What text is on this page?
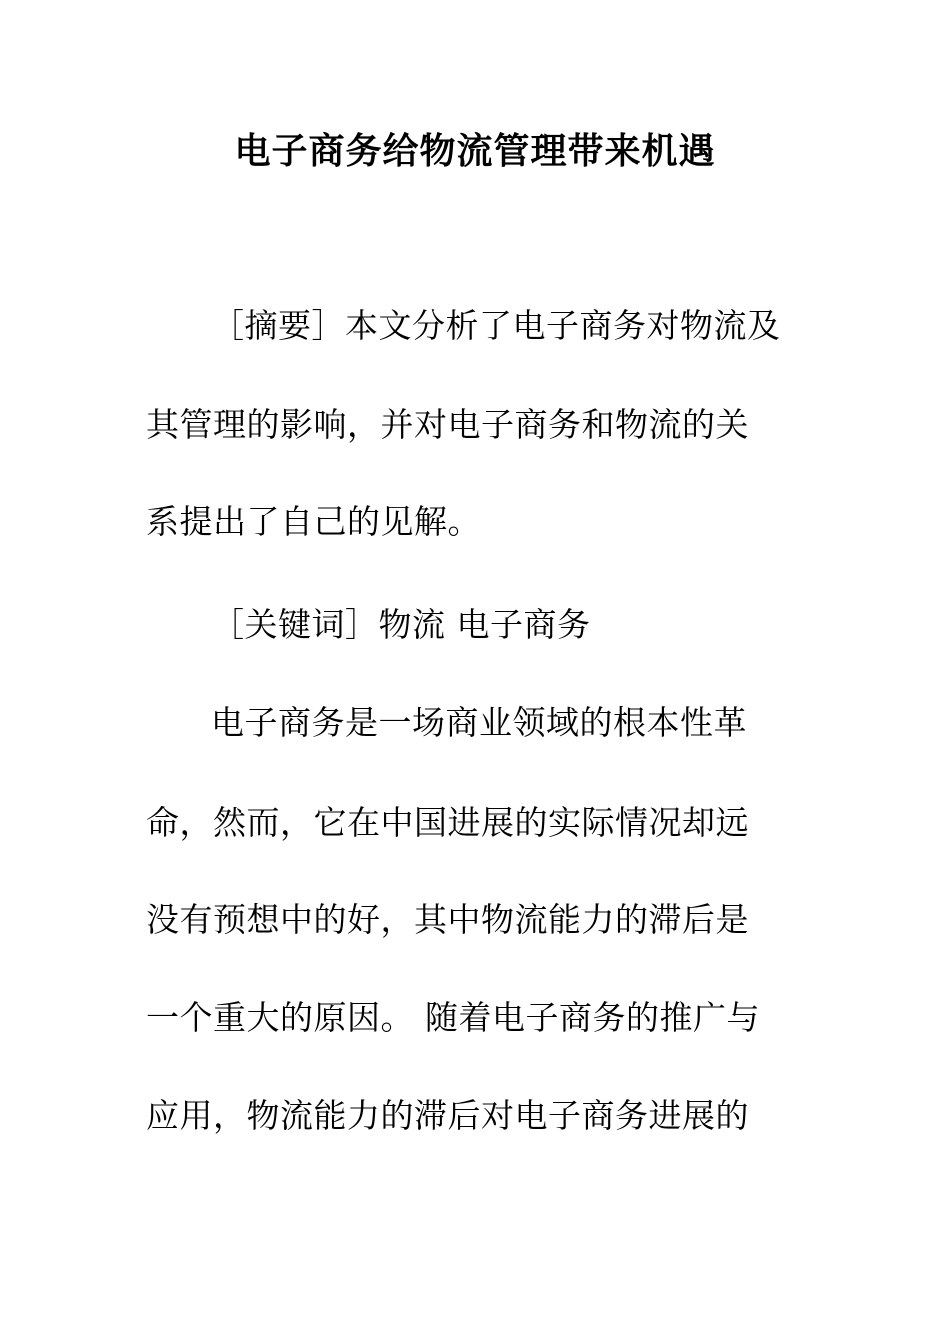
电子商务给物流管理带来机遇
［摘要］本文分析了电子商务对物流及
其管理的影响，并对电子商务和物流的关
系提出了自己的见解。
［关键词］物流 电子商务
电子商务是一场商业领域的根本性革
命，然而，它在中国进展的实际情况却远
没有预想中的好，其中物流能力的滞后是
一个重大的原因。 随着电子商务的推广与
应用，物流能力的滞后对电子商务进展的
